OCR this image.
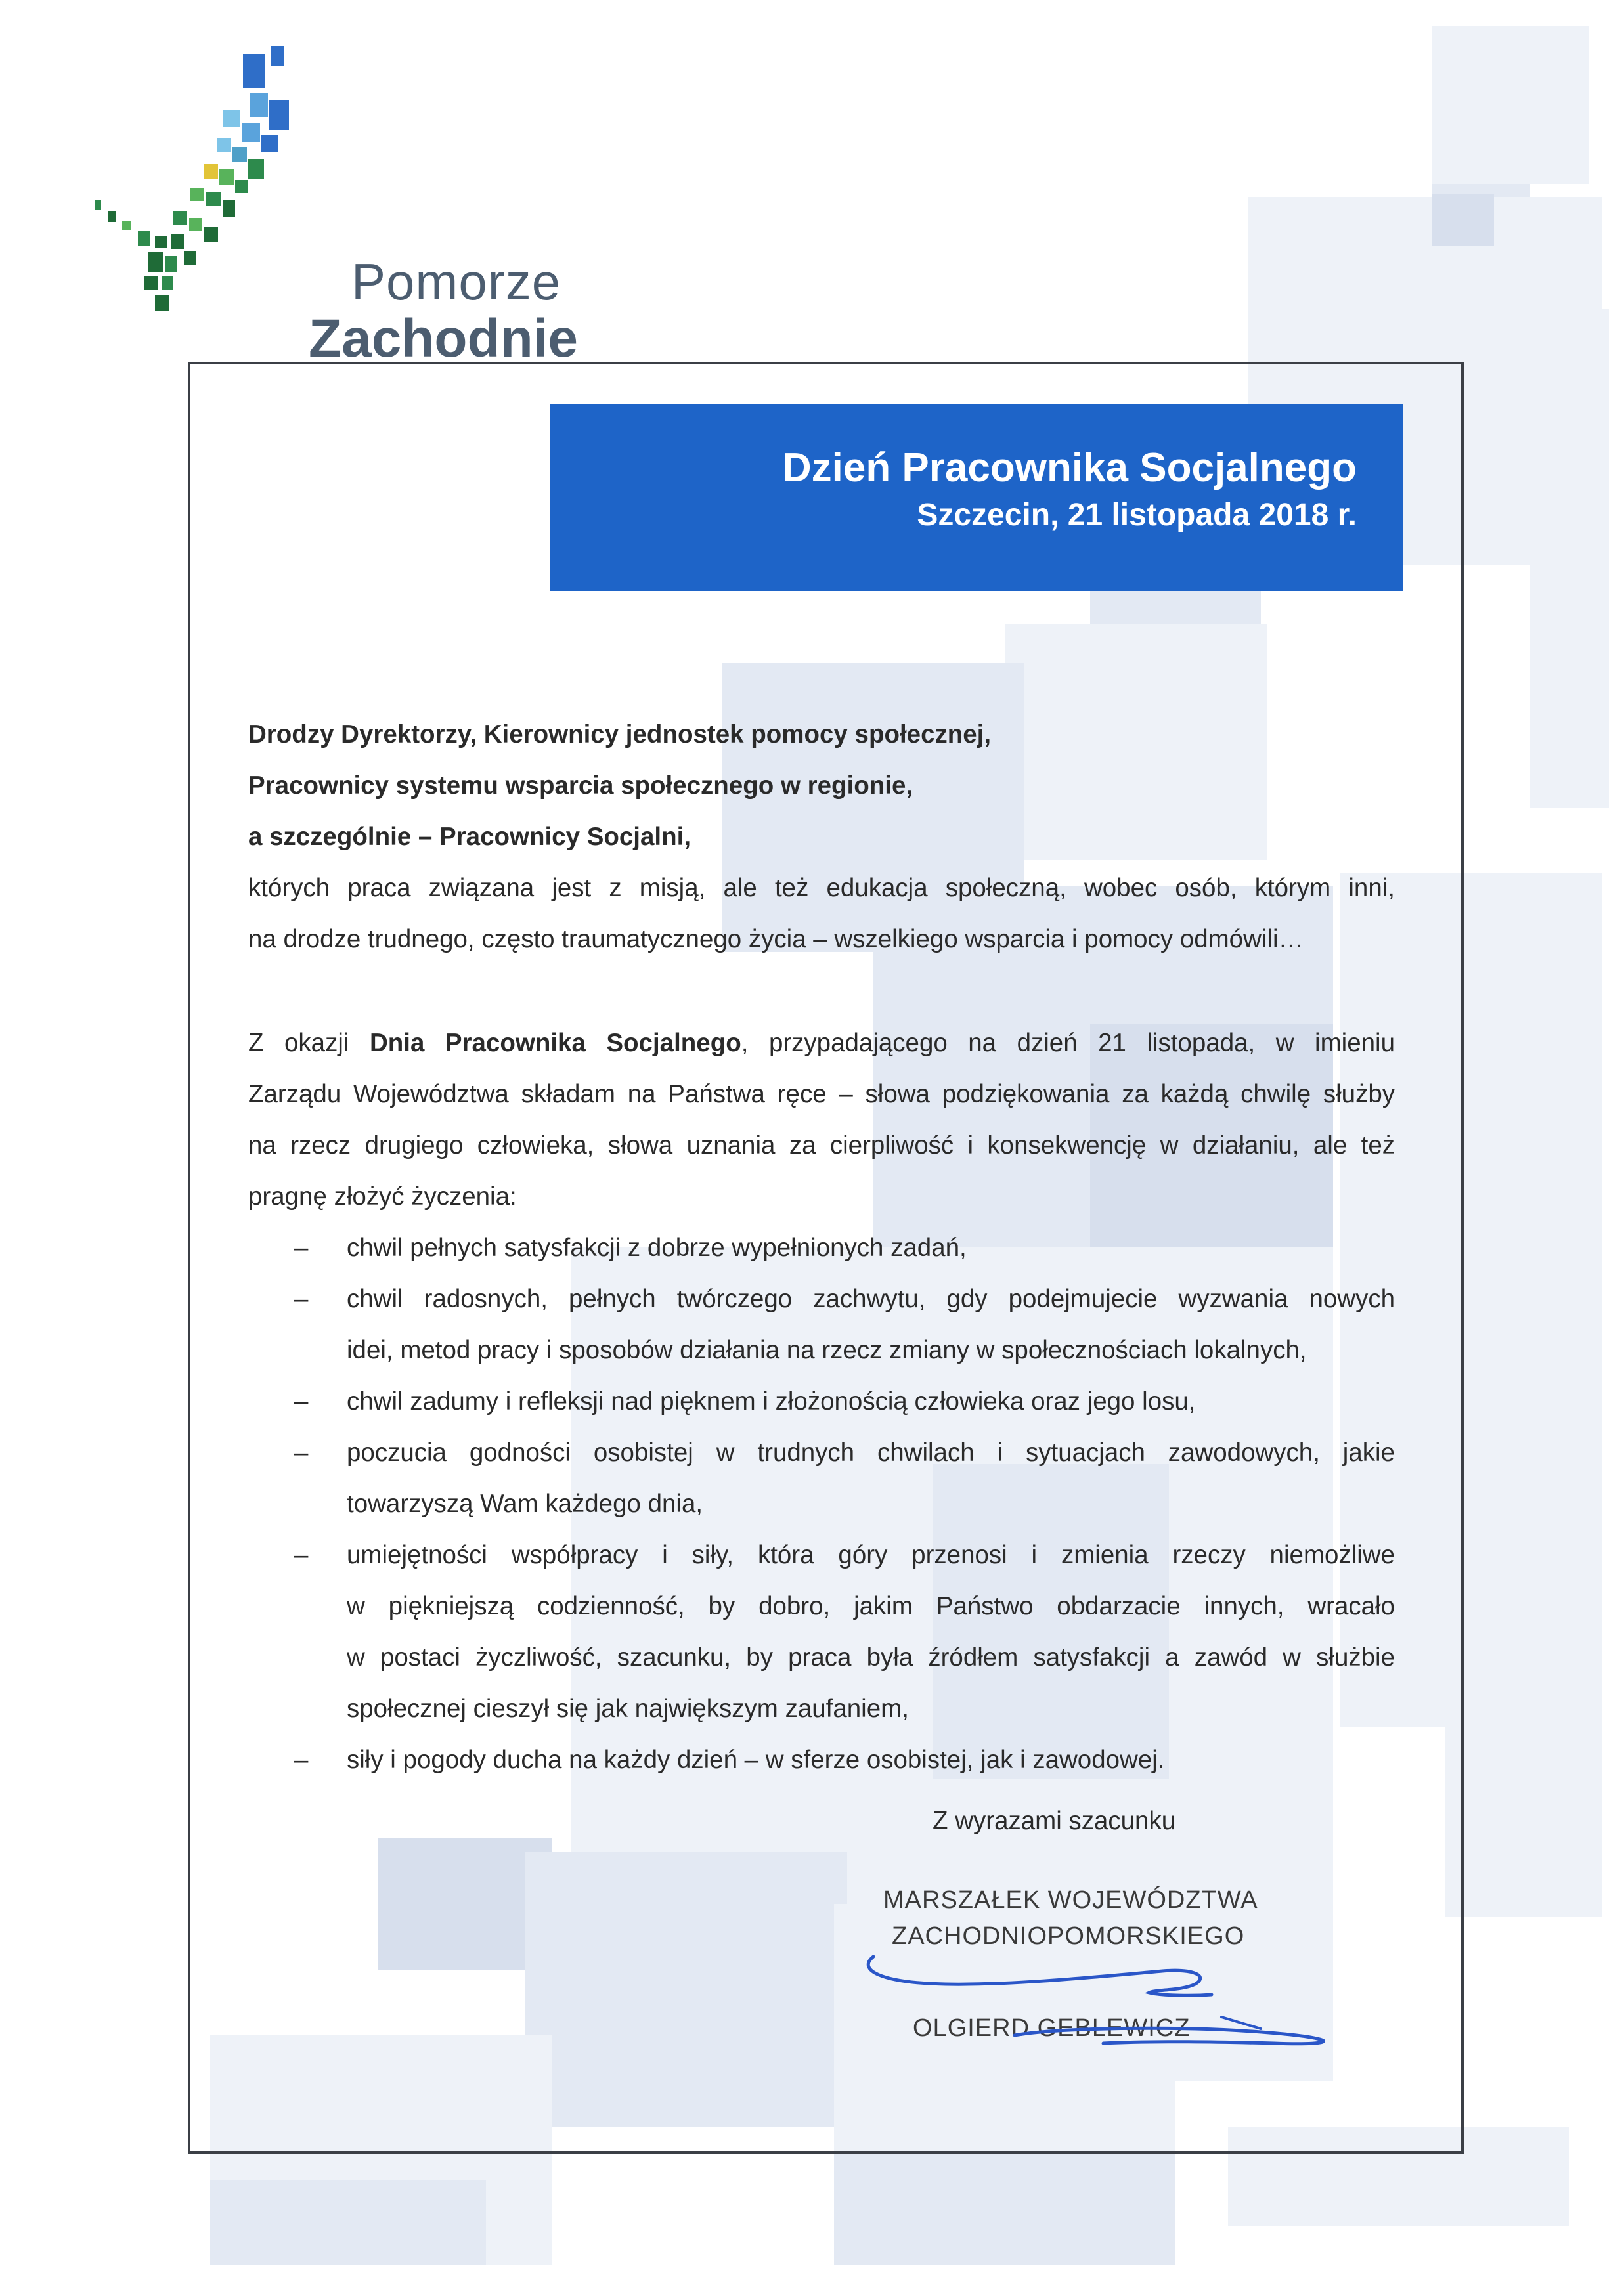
Pomorze
Zachodnie
Dzień Pracownika Socjalnego
Szczecin, 21 listopada 2018 r.
Drodzy Dyrektorzy, Kierownicy jednostek pomocy społecznej,
Pracownicy systemu wsparcia społecznego w regionie,
a szczególnie – Pracownicy Socjalni,
których praca związana jest z misją, ale też edukacja społeczną, wobec osób, którym inni,
na drodze trudnego, często traumatycznego życia – wszelkiego wsparcia i pomocy odmówili…
Z okazji Dnia Pracownika Socjalnego, przypadającego na dzień 21 listopada, w imieniu
Zarządu Województwa składam na Państwa ręce – słowa podziękowania za każdą chwilę służby
na rzecz drugiego człowieka, słowa uznania za cierpliwość i konsekwencję w działaniu, ale też
pragnę złożyć życzenia:
– chwil pełnych satysfakcji z dobrze wypełnionych zadań,
– chwil radosnych, pełnych twórczego zachwytu, gdy podejmujecie wyzwania nowych
idei, metod pracy i sposobów działania na rzecz zmiany w społecznościach lokalnych,
– chwil zadumy i refleksji nad pięknem i złożonością człowieka oraz jego losu,
– poczucia godności osobistej w trudnych chwilach i sytuacjach zawodowych, jakie
towarzyszą Wam każdego dnia,
– umiejętności współpracy i siły, która góry przenosi i zmienia rzeczy niemożliwe
w piękniejszą codzienność, by dobro, jakim Państwo obdarzacie innych, wracało
w postaci życzliwość, szacunku, by praca była źródłem satysfakcji a zawód w służbie
społecznej cieszył się jak największym zaufaniem,
– siły i pogody ducha na każdy dzień – w sferze osobistej, jak i zawodowej.
Z wyrazami szacunku
MARSZAŁEK WOJEWÓDZTWA
ZACHODNIOPOMORSKIEGO
OLGIERD GEBLEWICZ
